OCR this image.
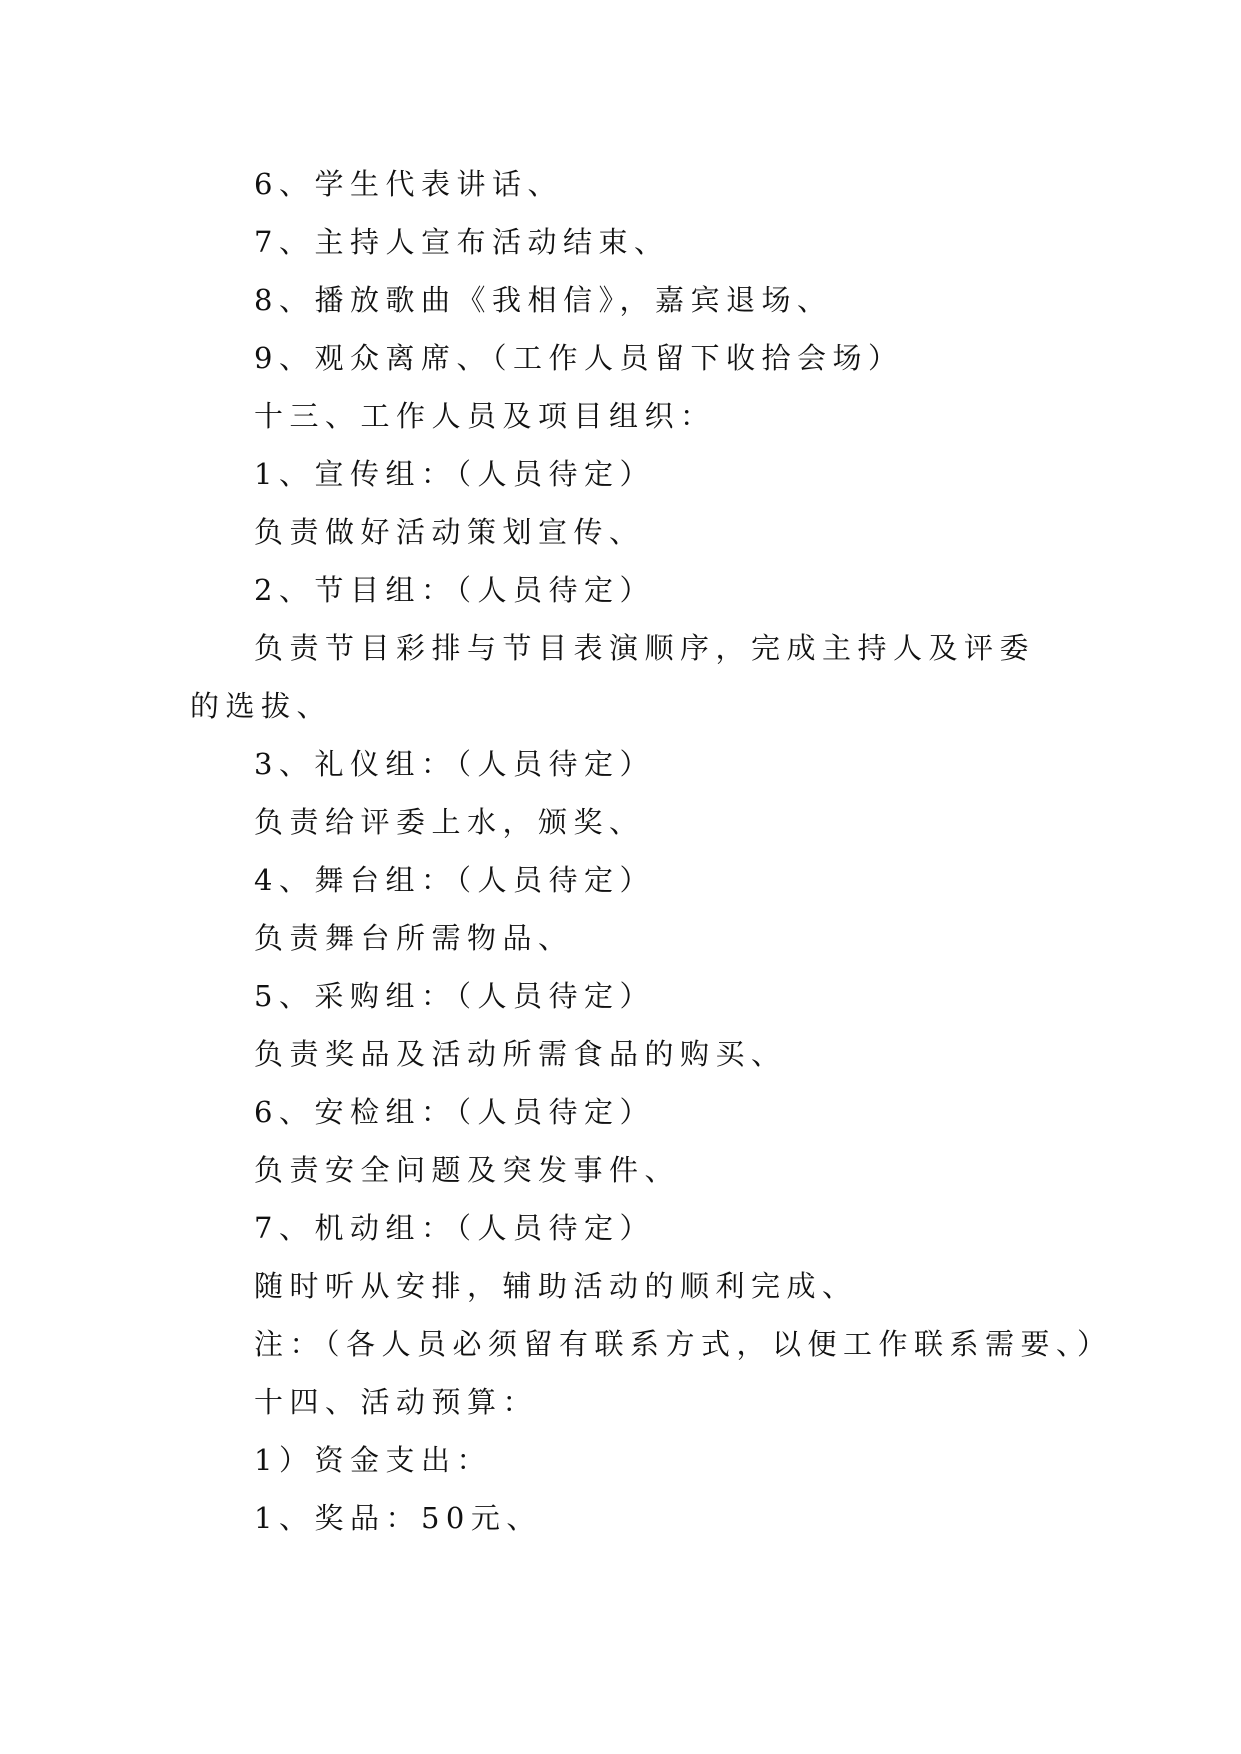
6、学生代表讲话、
7、主持人宣布活动结束、
8、播放歌曲《我相信》，嘉宾退场、
9、观众离席、（工作人员留下收拾会场）
十三、工作人员及项目组织：
1、宣传组：（人员待定）
负责做好活动策划宣传、
2、节目组：（人员待定）
负责节目彩排与节目表演顺序，完成主持人及评委的选拔、
3、礼仪组：（人员待定）
负责给评委上水，颁奖、
4、舞台组：（人员待定）
负责舞台所需物品、
5、采购组：（人员待定）
负责奖品及活动所需食品的购买、
6、安检组：（人员待定）
负责安全问题及突发事件、
7、机动组：（人员待定）
随时听从安排，辅助活动的顺利完成、
注：（各人员必须留有联系方式，以便工作联系需要、）
十四、活动预算：
1）资金支出：
1、奖品：50元、
